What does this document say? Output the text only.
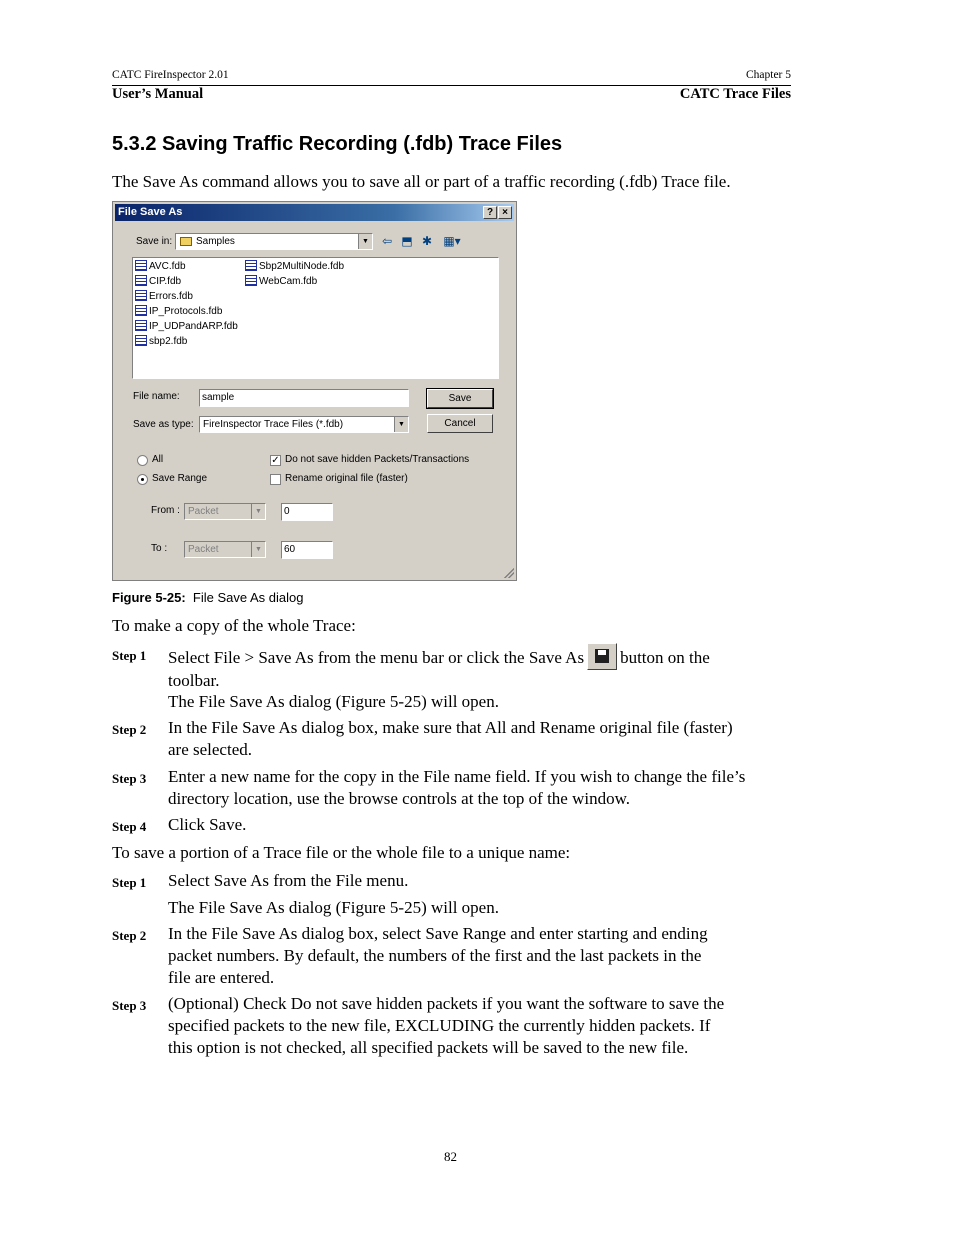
CATC FireInspector 2.01	Chapter 5
User’s Manual	CATC Trace Files
5.3.2 Saving Traffic Recording (.fdb) Trace Files
The Save As command allows you to save all or part of a traffic recording (.fdb) Trace file.
File Save As	? ×
Save in:	Samples	▼ ⇦ ⬒ ✱ ▦▾
AVC.fdb
CIP.fdb
Errors.fdb
IP_Protocols.fdb
IP_UDPandARP.fdb
sbp2.fdb
Sbp2MultiNode.fdb
WebCam.fdb
File name:	sample	Save
Save as type: FireInspector Trace Files (*.fdb)	▼	Cancel
All
Save Range
✓ Do not save hidden Packets/Transactions
Rename original file (faster)
From : Packet	▼	0
To :	Packet	▼	60
Figure 5-25: File Save As dialog
To make a copy of the whole Trace:
Step 1 Select File > Save As from the menu bar or click the Save As button on the toolbar.
The File Save As dialog (Figure 5-25) will open.
Step 2 In the File Save As dialog box, make sure that All and Rename original file (faster) are selected.
Step 3 Enter a new name for the copy in the File name field. If you wish to change the file’s directory location, use the browse controls at the top of the window.
Step 4 Click Save.
To save a portion of a Trace file or the whole file to a unique name:
Step 1 Select Save As from the File menu.
The File Save As dialog (Figure 5-25) will open.
Step 2 In the File Save As dialog box, select Save Range and enter starting and ending packet numbers. By default, the numbers of the first and the last packets in the file are entered.
Step 3 (Optional) Check Do not save hidden packets if you want the software to save the specified packets to the new file, EXCLUDING the currently hidden packets. If this option is not checked, all specified packets will be saved to the new file.
82
